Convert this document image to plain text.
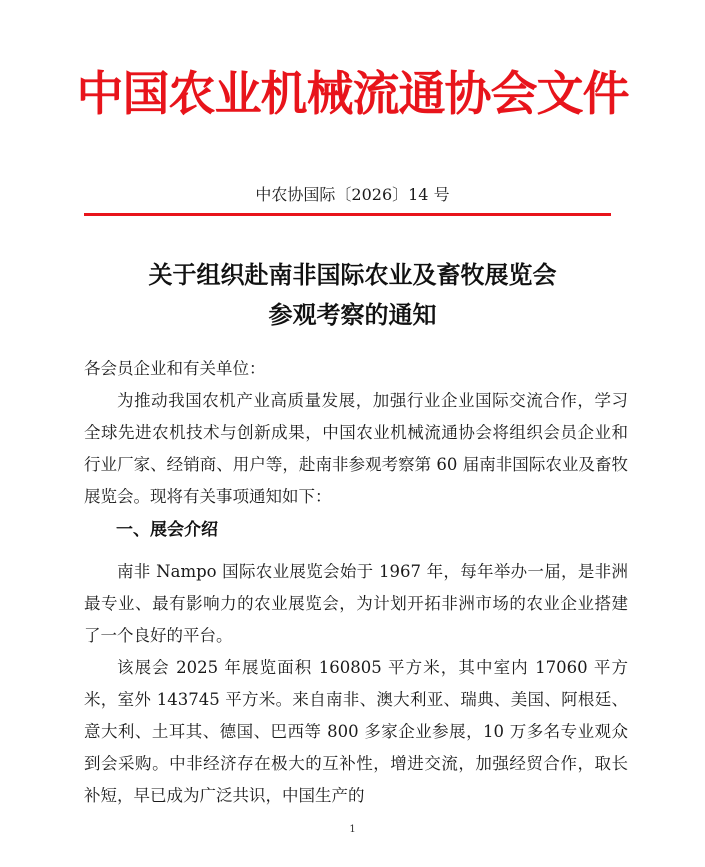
中国农业机械流通协会文件
中农协国际〔2026〕14 号
关于组织赴南非国际农业及畜牧展览会
参观考察的通知
各会员企业和有关单位：
为推动我国农机产业高质量发展，加强行业企业国际交流合作，学习全球先进农机技术与创新成果，中国农业机械流通协会将组织会员企业和行业厂家、经销商、用户等，赴南非参观考察第 60 届南非国际农业及畜牧展览会。现将有关事项通知如下：
一、展会介绍
南非 Nampo 国际农业展览会始于 1967 年，每年举办一届，是非洲最专业、最有影响力的农业展览会，为计划开拓非洲市场的农业企业搭建了一个良好的平台。
该展会 2025 年展览面积 160805 平方米，其中室内 17060 平方米，室外 143745 平方米。来自南非、澳大利亚、瑞典、美国、阿根廷、意大利、土耳其、德国、巴西等 800 多家企业参展，10 万多名专业观众到会采购。中非经济存在极大的互补性，增进交流，加强经贸合作，取长补短，早已成为广泛共识，中国生产的
1
